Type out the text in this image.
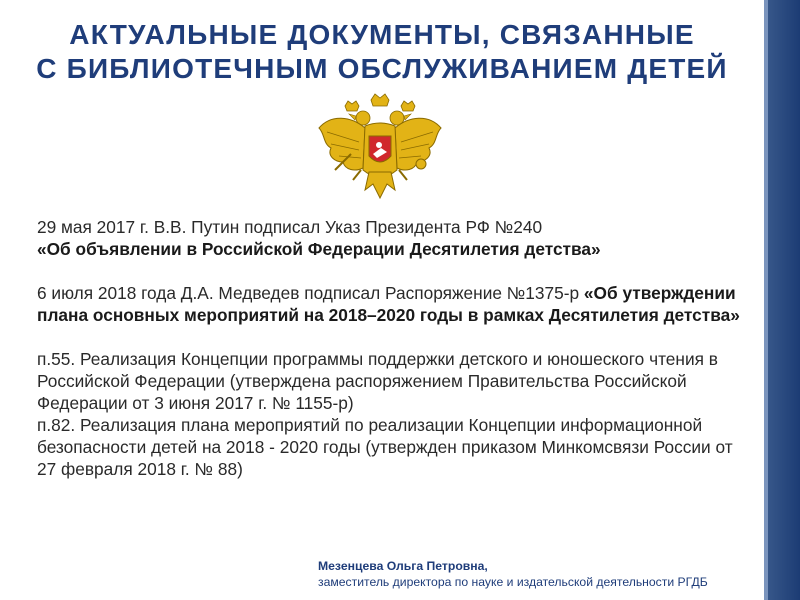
АКТУАЛЬНЫЕ ДОКУМЕНТЫ, СВЯЗАННЫЕ
С БИБЛИОТЕЧНЫМ ОБСЛУЖИВАНИЕМ ДЕТЕЙ

29 мая 2017 г. В.В. Путин подписал Указ Президента РФ №240
«Об объявлении в Российской Федерации Десятилетия детства»

6 июля 2018 года Д.А. Медведев подписал Распоряжение №1375-р «Об утверждении плана основных мероприятий на 2018–2020 годы в рамках Десятилетия детства»

п.55. Реализация Концепции программы поддержки детского и юношеского чтения в Российской Федерации (утверждена распоряжением Правительства Российской Федерации от 3 июня 2017 г. № 1155-р)

п.82. Реализация плана мероприятий по реализации Концепции информационной безопасности детей на 2018 - 2020 годы (утвержден приказом Минкомсвязи России от 27 февраля 2018 г. № 88)

Мезенцева Ольга Петровна,
заместитель директора по науке и издательской деятельности РГДБ
